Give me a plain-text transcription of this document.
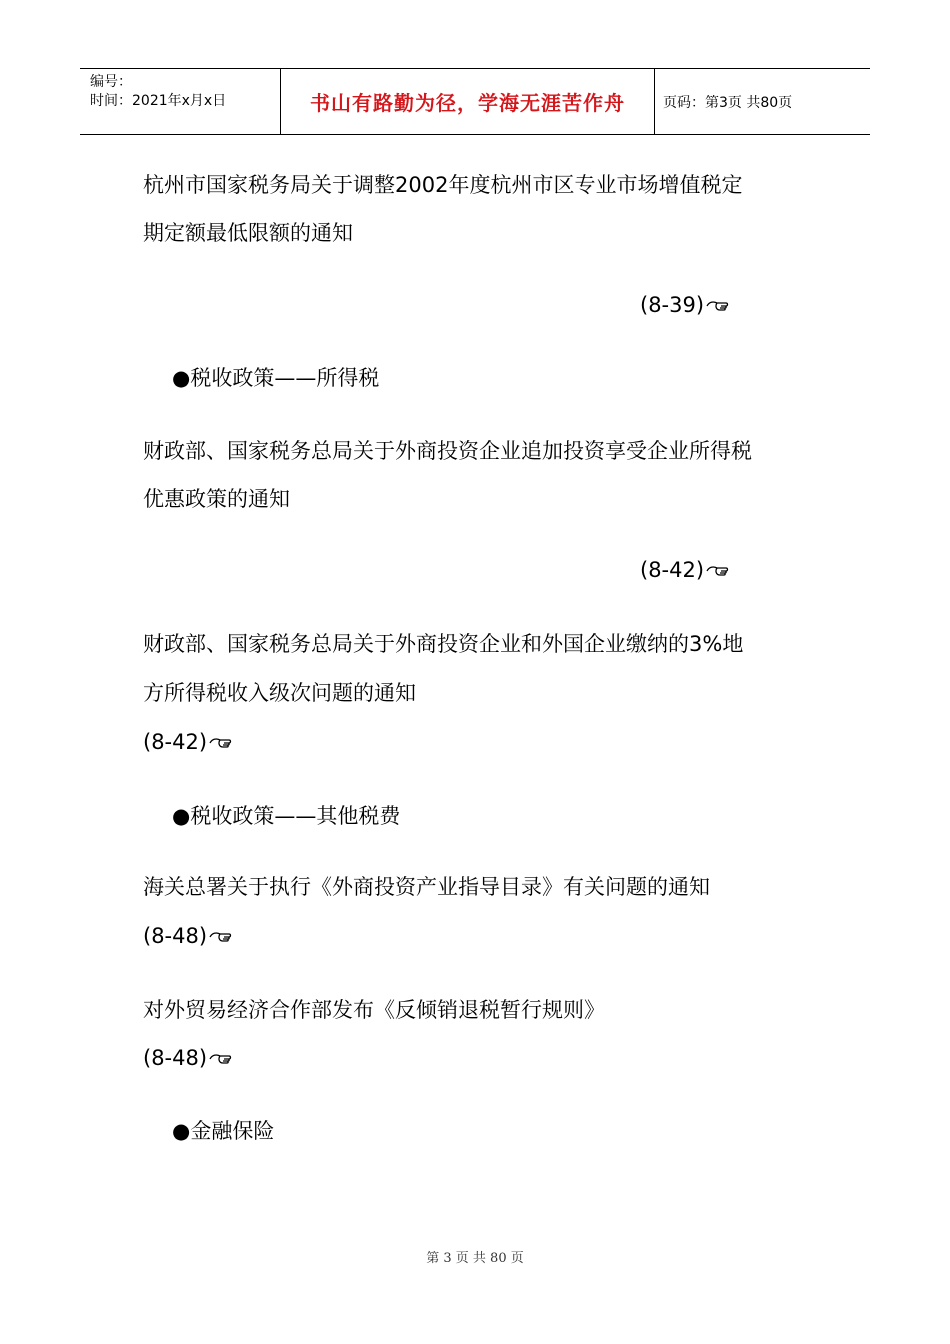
编号：
时间：2021年x月x日	书山有路勤为径，学海无涯苦作舟	页码：第3页 共80页
杭州市国家税务局关于调整2002年度杭州市区专业市场增值税定
期定额最低限额的通知
(8-39)
●税收政策——所得税
财政部、国家税务总局关于外商投资企业追加投资享受企业所得税
优惠政策的通知
(8-42)
财政部、国家税务总局关于外商投资企业和外国企业缴纳的3%地
方所得税收入级次问题的通知
(8-42)
●税收政策——其他税费
海关总署关于执行《外商投资产业指导目录》有关问题的通知
(8-48)
对外贸易经济合作部发布《反倾销退税暂行规则》
(8-48)
●金融保险
第 3 页 共 80 页
